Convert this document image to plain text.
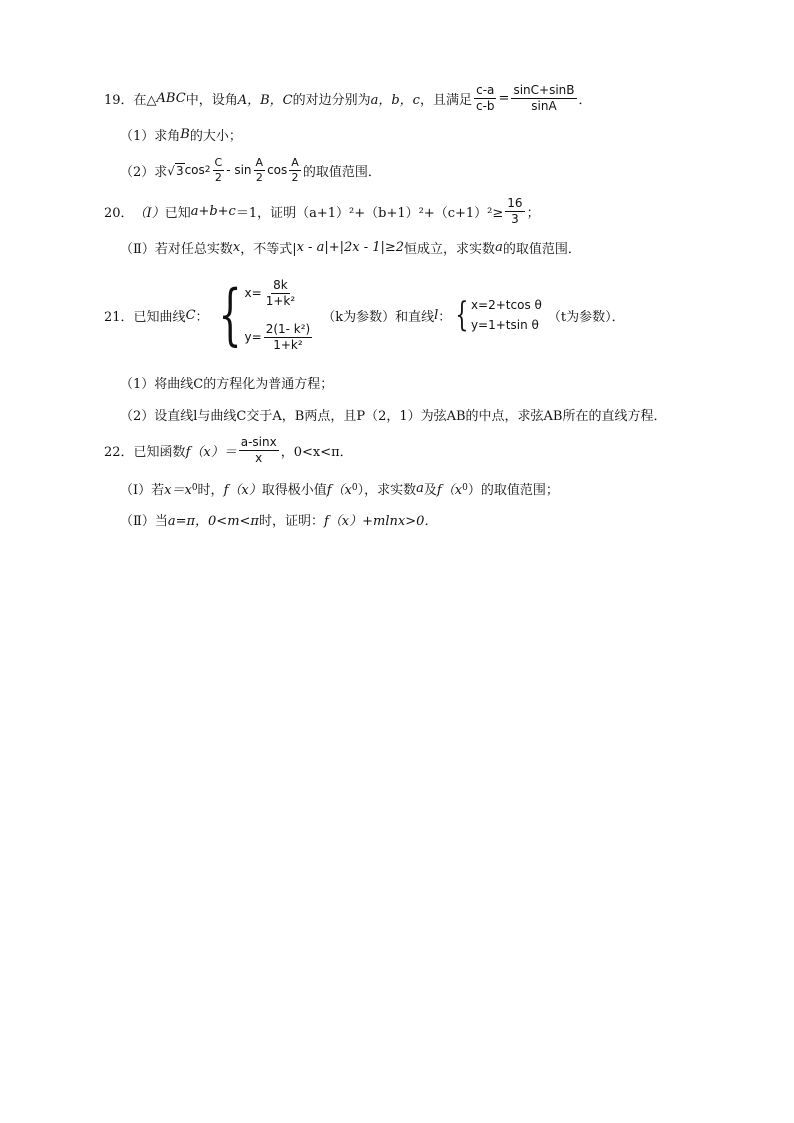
19． 在△ ABC 中，设角 A，B，C 的对边分别为 a，b，c ，且满足 $\frac{c-a}{c-b} = \frac{\sin C+\sin B}{\sin A}$ ．
（1）求角 B 的大小；
（2）求 √ 3 $\cos 2 \frac{C}{2}$ - $\sin \frac{A}{2}$ $\cos \frac{A}{2}$ 的取值范围．
20． （I） 已知 a+b+c ＝1，证明（ $a+1)^2+(b+1)^2+(c+1)^2\ge \frac{16}{3}$ ；
（Ⅱ）若对任总实数 x ，不等式| x - a|+|2x - 1|≥2 恒成立，求实数 a 的取值范围．
21． 已知曲线 C ： { $x= \frac{8k}{\text{1+k²}}$
$y= \frac{\text{2(1- k²)}}{\text{1+k²}}$
（k为参数）和直线 l ： { x=2+tcos θ
y=1+tsin θ
（t为参数）．
（1）将曲线C的方程化为普通方程；
（2）设直线l与曲线C交于A，B两点，且P（2，1）为弦AB的中点，求弦AB所在的直线方程．
22． 已知函数 $f(x)= \frac{a-\sin x}{x}$ ，0<x<π．
（Ⅰ）若 x＝x 0 时， f（x） 取得极小值 f（x 0 ），求实数 a 及 f（x 0 ）的取值范围；
（Ⅱ）当 a=π，0<m<π 时，证明： f（x）+mlnx>0．
